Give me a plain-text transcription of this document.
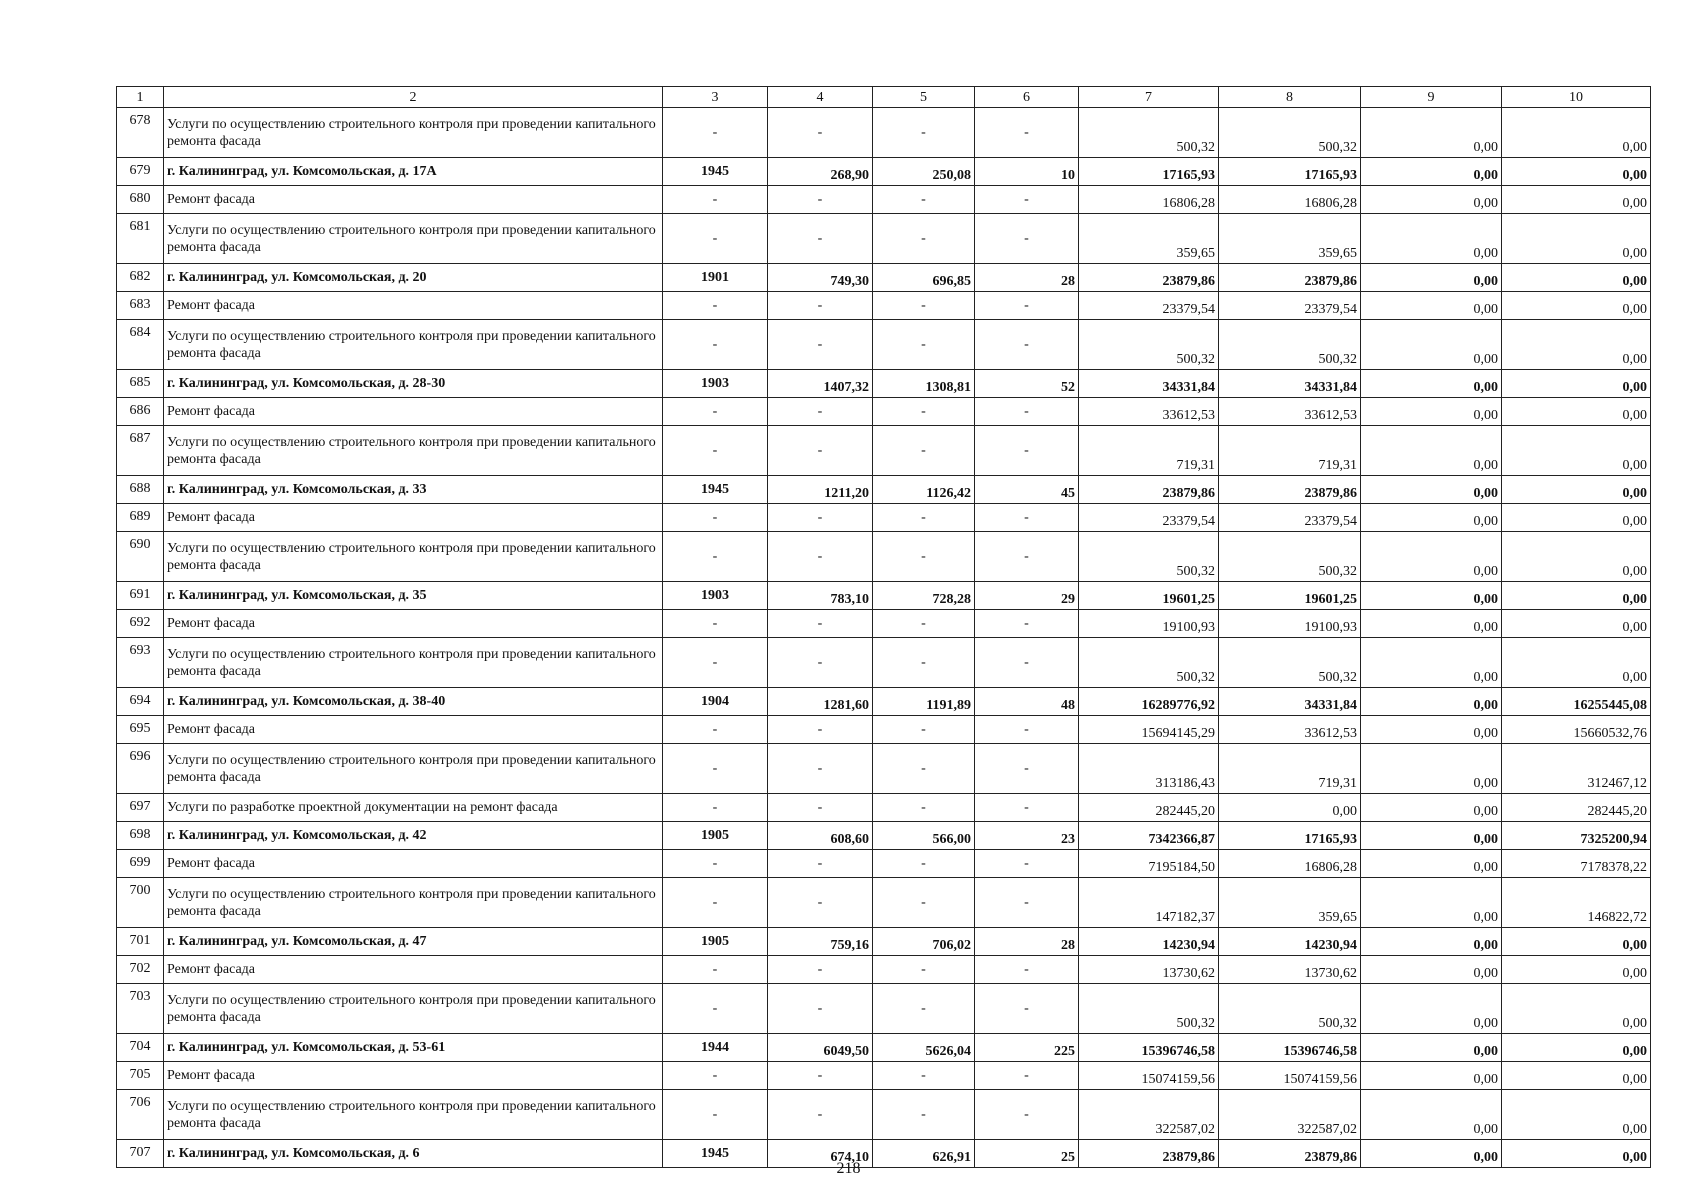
1	2	3	4	5	6	7	8	9	10
678	Услуги по осуществлению строительного контроля при проведении капитального ремонта фасада	-	-	-	-	500,32	500,32	0,00	0,00
679	г. Калининград, ул. Комсомольская, д. 17А	1945	268,90	250,08	10	17165,93	17165,93	0,00	0,00
680	Ремонт фасада	-	-	-	-	16806,28	16806,28	0,00	0,00
681	Услуги по осуществлению строительного контроля при проведении капитального ремонта фасада	-	-	-	-	359,65	359,65	0,00	0,00
682	г. Калининград, ул. Комсомольская, д. 20	1901	749,30	696,85	28	23879,86	23879,86	0,00	0,00
683	Ремонт фасада	-	-	-	-	23379,54	23379,54	0,00	0,00
684	Услуги по осуществлению строительного контроля при проведении капитального ремонта фасада	-	-	-	-	500,32	500,32	0,00	0,00
685	г. Калининград, ул. Комсомольская, д. 28-30	1903	1407,32	1308,81	52	34331,84	34331,84	0,00	0,00
686	Ремонт фасада	-	-	-	-	33612,53	33612,53	0,00	0,00
687	Услуги по осуществлению строительного контроля при проведении капитального ремонта фасада	-	-	-	-	719,31	719,31	0,00	0,00
688	г. Калининград, ул. Комсомольская, д. 33	1945	1211,20	1126,42	45	23879,86	23879,86	0,00	0,00
689	Ремонт фасада	-	-	-	-	23379,54	23379,54	0,00	0,00
690	Услуги по осуществлению строительного контроля при проведении капитального ремонта фасада	-	-	-	-	500,32	500,32	0,00	0,00
691	г. Калининград, ул. Комсомольская, д. 35	1903	783,10	728,28	29	19601,25	19601,25	0,00	0,00
692	Ремонт фасада	-	-	-	-	19100,93	19100,93	0,00	0,00
693	Услуги по осуществлению строительного контроля при проведении капитального ремонта фасада	-	-	-	-	500,32	500,32	0,00	0,00
694	г. Калининград, ул. Комсомольская, д. 38-40	1904	1281,60	1191,89	48	16289776,92	34331,84	0,00	16255445,08
695	Ремонт фасада	-	-	-	-	15694145,29	33612,53	0,00	15660532,76
696	Услуги по осуществлению строительного контроля при проведении капитального ремонта фасада	-	-	-	-	313186,43	719,31	0,00	312467,12
697	Услуги по разработке проектной документации на ремонт фасада	-	-	-	-	282445,20	0,00	0,00	282445,20
698	г. Калининград, ул. Комсомольская, д. 42	1905	608,60	566,00	23	7342366,87	17165,93	0,00	7325200,94
699	Ремонт фасада	-	-	-	-	7195184,50	16806,28	0,00	7178378,22
700	Услуги по осуществлению строительного контроля при проведении капитального ремонта фасада	-	-	-	-	147182,37	359,65	0,00	146822,72
701	г. Калининград, ул. Комсомольская, д. 47	1905	759,16	706,02	28	14230,94	14230,94	0,00	0,00
702	Ремонт фасада	-	-	-	-	13730,62	13730,62	0,00	0,00
703	Услуги по осуществлению строительного контроля при проведении капитального ремонта фасада	-	-	-	-	500,32	500,32	0,00	0,00
704	г. Калининград, ул. Комсомольская, д. 53-61	1944	6049,50	5626,04	225	15396746,58	15396746,58	0,00	0,00
705	Ремонт фасада	-	-	-	-	15074159,56	15074159,56	0,00	0,00
706	Услуги по осуществлению строительного контроля при проведении капитального ремонта фасада	-	-	-	-	322587,02	322587,02	0,00	0,00
707	г. Калининград, ул. Комсомольская, д. 6	1945	674,10	626,91	25	23879,86	23879,86	0,00	0,00
218
